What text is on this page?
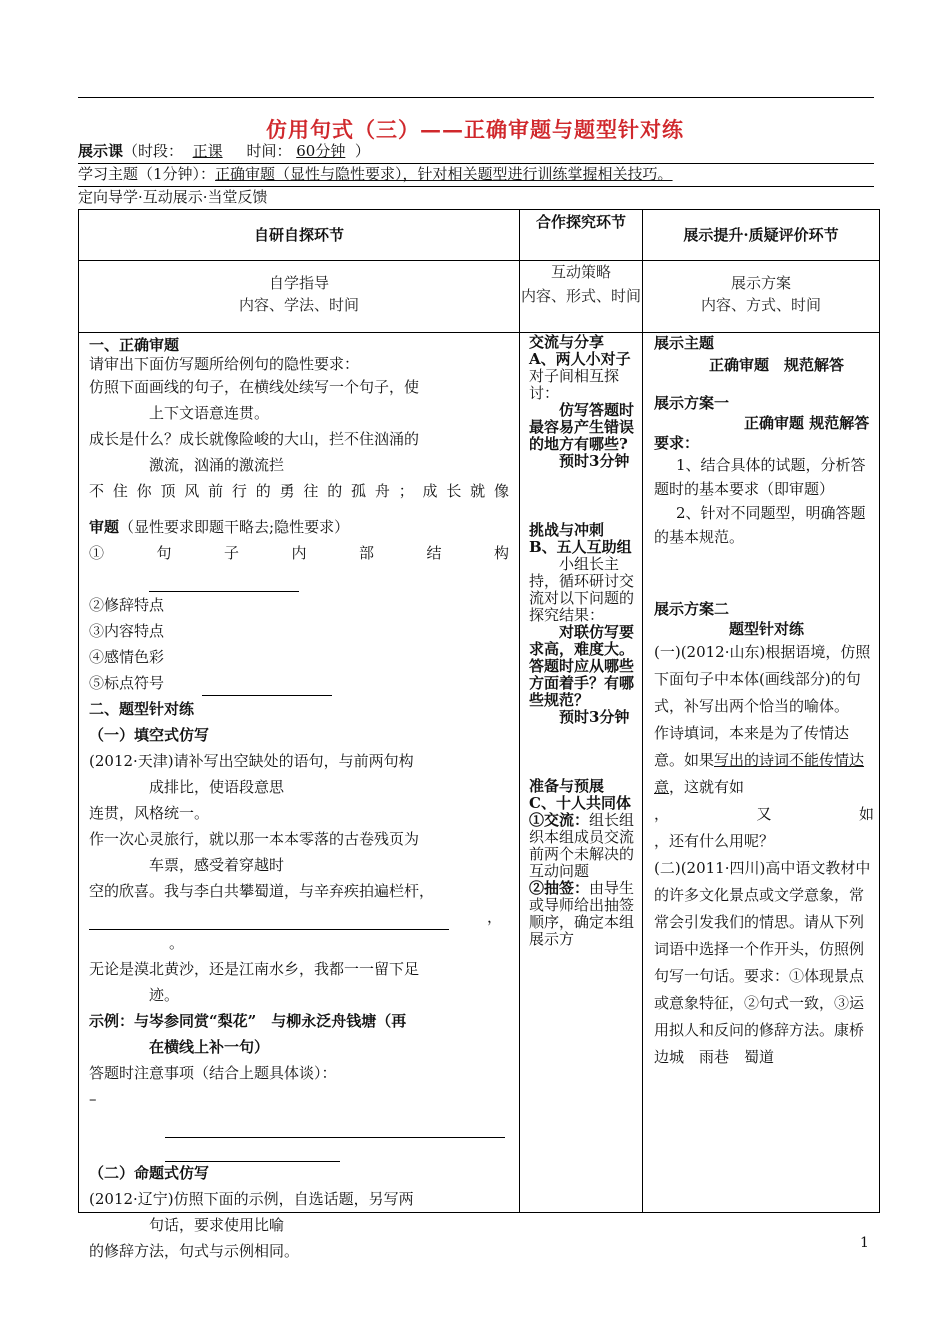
仿用句式（三）——正确审题与题型针对练
展示课（时段： 正课 时间： 60分钟 ）
学习主题（1分钟）：正确审题（显性与隐性要求），针对相关题型进行训练掌握相关技巧。
定向导学·互动展示·当堂反馈
自研自探环节
合作探究环节
展示提升·质疑评价环节

自学指导

内容、学法、时间

互动策略

内容、形式、时间

展示方案

内容、方式、时间

一、正确审题

请审出下面仿写题所给例句的隐性要求：

仿照下面画线的句子，在横线处续写一个句子，使

上下文语意连贯。

成长是什么？成长就像险峻的大山，拦不住汹涌的

激流，汹涌的激流拦

不住你顶风前行的勇往的孤舟；成长就像

审题（显性要求即题干略去;隐性要求）

①句子内部结构

②修辞特点

③内容特点

④感情色彩

⑤标点符号

二、题型针对练

（一）填空式仿写

(2012·天津)请补写出空缺处的语句，与前两句构

成排比，使语段意思

连贯，风格统一。

作一次心灵旅行，就以那一本本零落的古卷残页为

车票，感受着穿越时

空的欣喜。我与李白共攀蜀道，与辛弃疾拍遍栏杆，

，

。

无论是漠北黄沙，还是江南水乡，我都一一留下足

迹。

示例：与岑参同赏“梨花”　与柳永泛舟钱塘（再

在横线上补一句）

答题时注意事项（结合上题具体谈）：

–

（二）命题式仿写

(2012·辽宁)仿照下面的示例，自选话题，另写两

句话，要求使用比喻

的修辞方法，句式与示例相同。

交流与分享

A、两人小对子

对子间相互探讨：

仿写答题时最容易产生错误的地方有哪些?

预时3分钟

挑战与冲刺

B、五人互助组

小组长主持，循环研讨交流对以下问题的探究结果：

对联仿写要求高，难度大。答题时应从哪些方面着手？有哪些规范？

预时3分钟

准备与预展

C、十人共同体

①交流：组长组织本组成员交流前两个未解决的互动问题

②抽签：由导生或导师给出抽签顺序，确定本组展示方

展示主题

正确审题　规范解答

展示方案一

正确审题 规范解答

要求：

1、结合具体的试题，分析答题时的基本要求（即审题）

2、针对不同题型，明确答题的基本规范。

展示方案二

题型针对练

(一)(2012·山东)根据语境，仿照下面句子中本体(画线部分)的句式，补写出两个恰当的喻体。

作诗填词，本来是为了传情达意。如果写出的诗词不能传情达意，这就有如

，	又	如

，还有什么用呢？

(二)(2011·四川)高中语文教材中的许多文化景点或文学意象，常常会引发我们的情思。请从下列词语中选择一个作开头，仿照例句写一句话。要求：①体现景点或意象特征，②句式一致，③运用拟人和反问的修辞方法。康桥　边城　雨巷　蜀道

1
